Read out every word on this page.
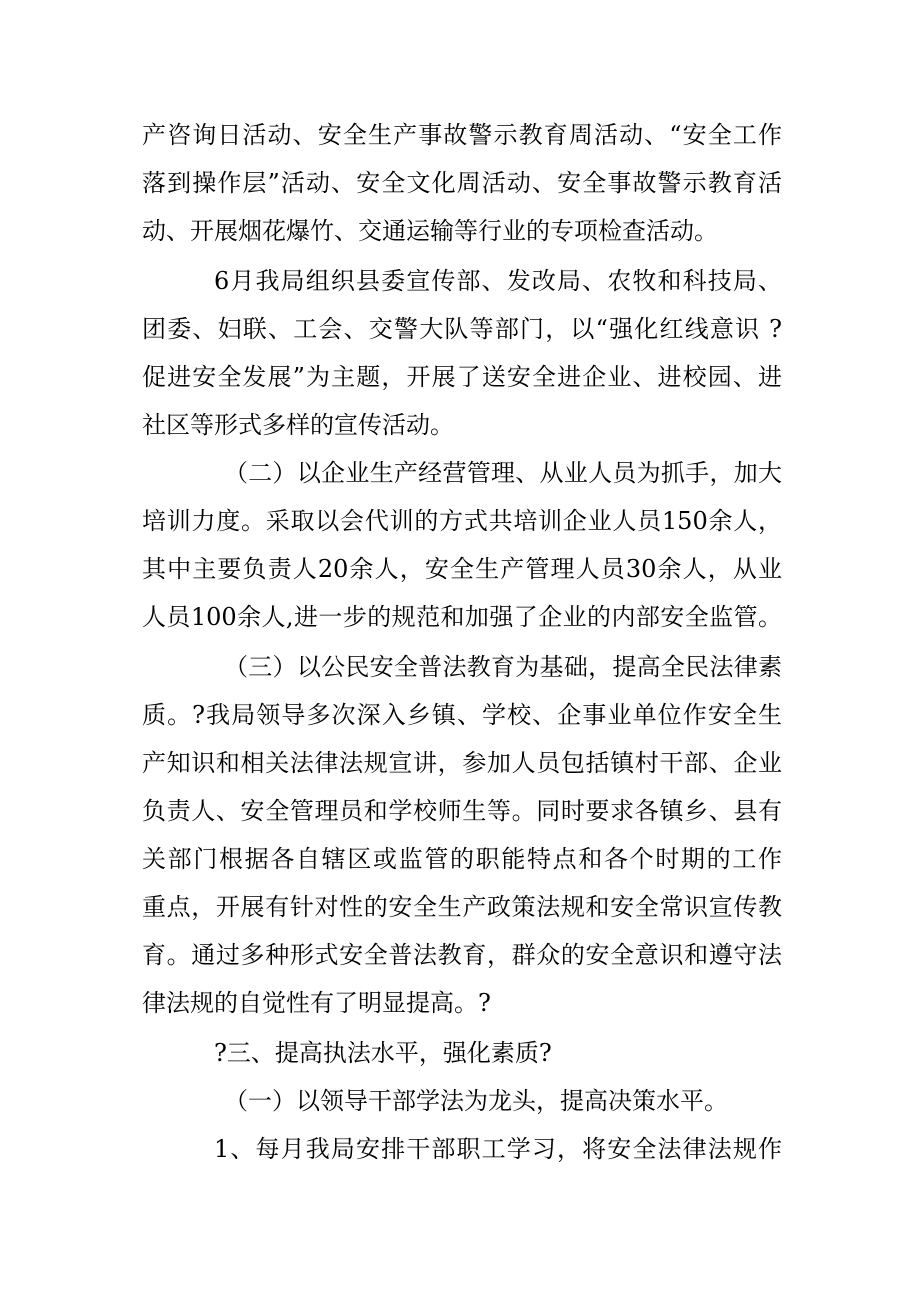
产咨询日活动、安全生产事故警示教育周活动、“安全工作
落到操作层”活动、安全文化周活动、安全事故警示教育活
动、开展烟花爆竹、交通运输等行业的专项检查活动。
6月我局组织县委宣传部、发改局、农牧和科技局、
团委、妇联、工会、交警大队等部门，以“强化红线意识 ?
促进安全发展”为主题，开展了送安全进企业、进校园、进
社区等形式多样的宣传活动。
（二）以企业生产经营管理、从业人员为抓手，加大
培训力度。采取以会代训的方式共培训企业人员150余人，
其中主要负责人20余人，安全生产管理人员30余人，从业
人员100余人,进一步的规范和加强了企业的内部安全监管。
（三）以公民安全普法教育为基础，提高全民法律素
质。?我局领导多次深入乡镇、学校、企事业单位作安全生
产知识和相关法律法规宣讲，参加人员包括镇村干部、企业
负责人、安全管理员和学校师生等。同时要求各镇乡、县有
关部门根据各自辖区或监管的职能特点和各个时期的工作
重点，开展有针对性的安全生产政策法规和安全常识宣传教
育。通过多种形式安全普法教育，群众的安全意识和遵守法
律法规的自觉性有了明显提高。?
?三、提高执法水平，强化素质?
（一）以领导干部学法为龙头，提高决策水平。
1、每月我局安排干部职工学习，将安全法律法规作
